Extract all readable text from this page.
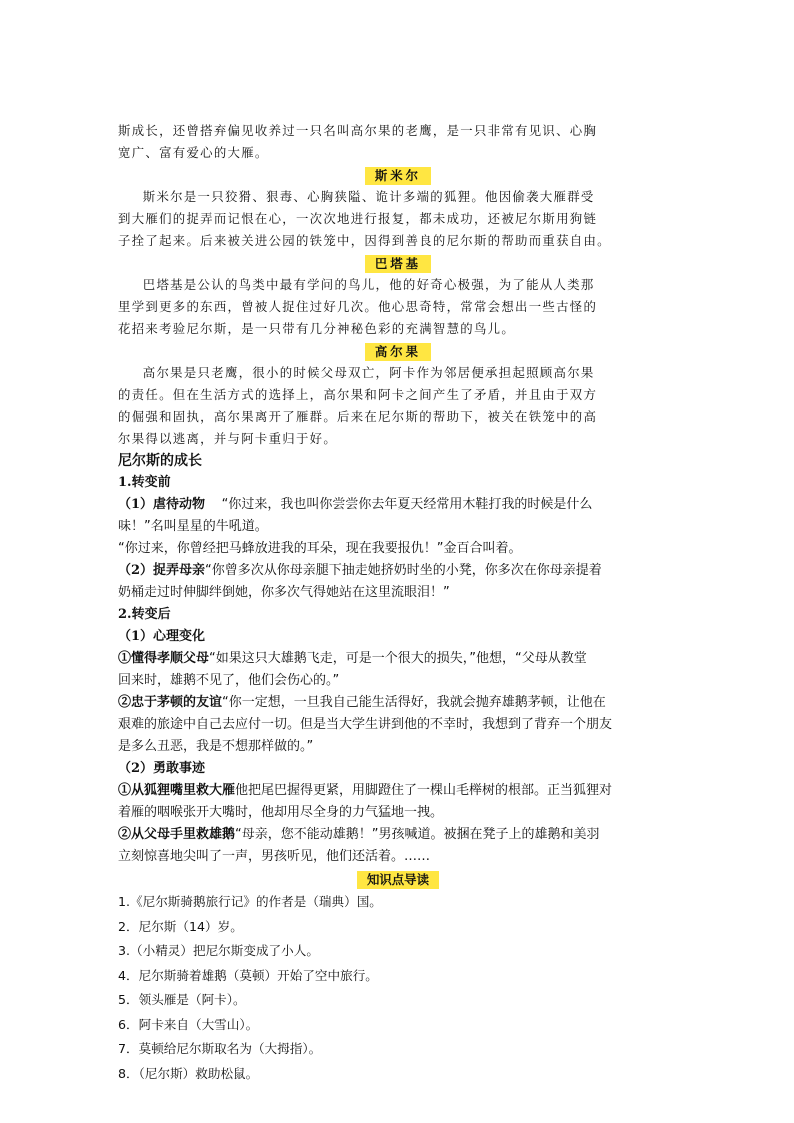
斯成长，还曾搭弃偏见收养过一只名叫高尔果的老鹰，是一只非常有见识、心胸

宽广、富有爱心的大雁。

斯米尔

斯米尔是一只狡猾、狠毒、心胸狭隘、诡计多端的狐狸。他因偷袭大雁群受

到大雁们的捉弄而记恨在心，一次次地进行报复，都未成功，还被尼尔斯用狗链

子拴了起来。后来被关进公园的铁笼中，因得到善良的尼尔斯的帮助而重获自由。

巴塔基

巴塔基是公认的鸟类中最有学问的鸟儿，他的好奇心极强，为了能从人类那

里学到更多的东西，曾被人捉住过好几次。他心思奇特，常常会想出一些古怪的

花招来考验尼尔斯，是一只带有几分神秘色彩的充满智慧的鸟儿。

高尔果

高尔果是只老鹰，很小的时候父母双亡，阿卡作为邻居便承担起照顾高尔果

的责任。但在生活方式的选择上，高尔果和阿卡之间产生了矛盾，并且由于双方

的倔强和固执，高尔果离开了雁群。后来在尼尔斯的帮助下，被关在铁笼中的高

尔果得以逃离，并与阿卡重归于好。

尼尔斯的成长

1.转变前

（1）虐待动物 “你过来，我也叫你尝尝你去年夏天经常用木鞋打我的时候是什么

味！”名叫星星的牛吼道。

“你过来，你曾经把马蜂放进我的耳朵，现在我要报仇！”金百合叫着。

（2）捉弄母亲“你曾多次从你母亲腿下抽走她挤奶时坐的小凳，你多次在你母亲提着

奶桶走过时伸脚绊倒她，你多次气得她站在这里流眼泪！”

2.转变后

（1）心理变化

①懂得孝顺父母“如果这只大雄鹅飞走，可是一个很大的损失，”他想，“父母从教堂

回来时，雄鹅不见了，他们会伤心的。”

②忠于茅顿的友谊“你一定想，一旦我自己能生活得好，我就会抛弃雄鹅茅顿，让他在

艰难的旅途中自己去应付一切。但是当大学生讲到他的不幸时，我想到了背弃一个朋友

是多么丑恶，我是不想那样做的。”

（2）勇敢事迹

①从狐狸嘴里救大雁他把尾巴握得更紧，用脚蹬住了一棵山毛榉树的根部。正当狐狸对

着雁的咽喉张开大嘴时，他却用尽全身的力气猛地一拽。

②从父母手里救雄鹅“母亲，您不能动雄鹅！”男孩喊道。被捆在凳子上的雄鹅和美羽

立刻惊喜地尖叫了一声，男孩听见，他们还活着。……

知识点导读

1.《尼尔斯骑鹅旅行记》的作者是（瑞典）国。

2．尼尔斯（14）岁。

3.（小精灵）把尼尔斯变成了小人。

4．尼尔斯骑着雄鹅（莫顿）开始了空中旅行。

5．领头雁是（阿卡）。

6．阿卡来自（大雪山）。

7．莫顿给尼尔斯取名为（大拇指）。

8．（尼尔斯）救助松鼠。
